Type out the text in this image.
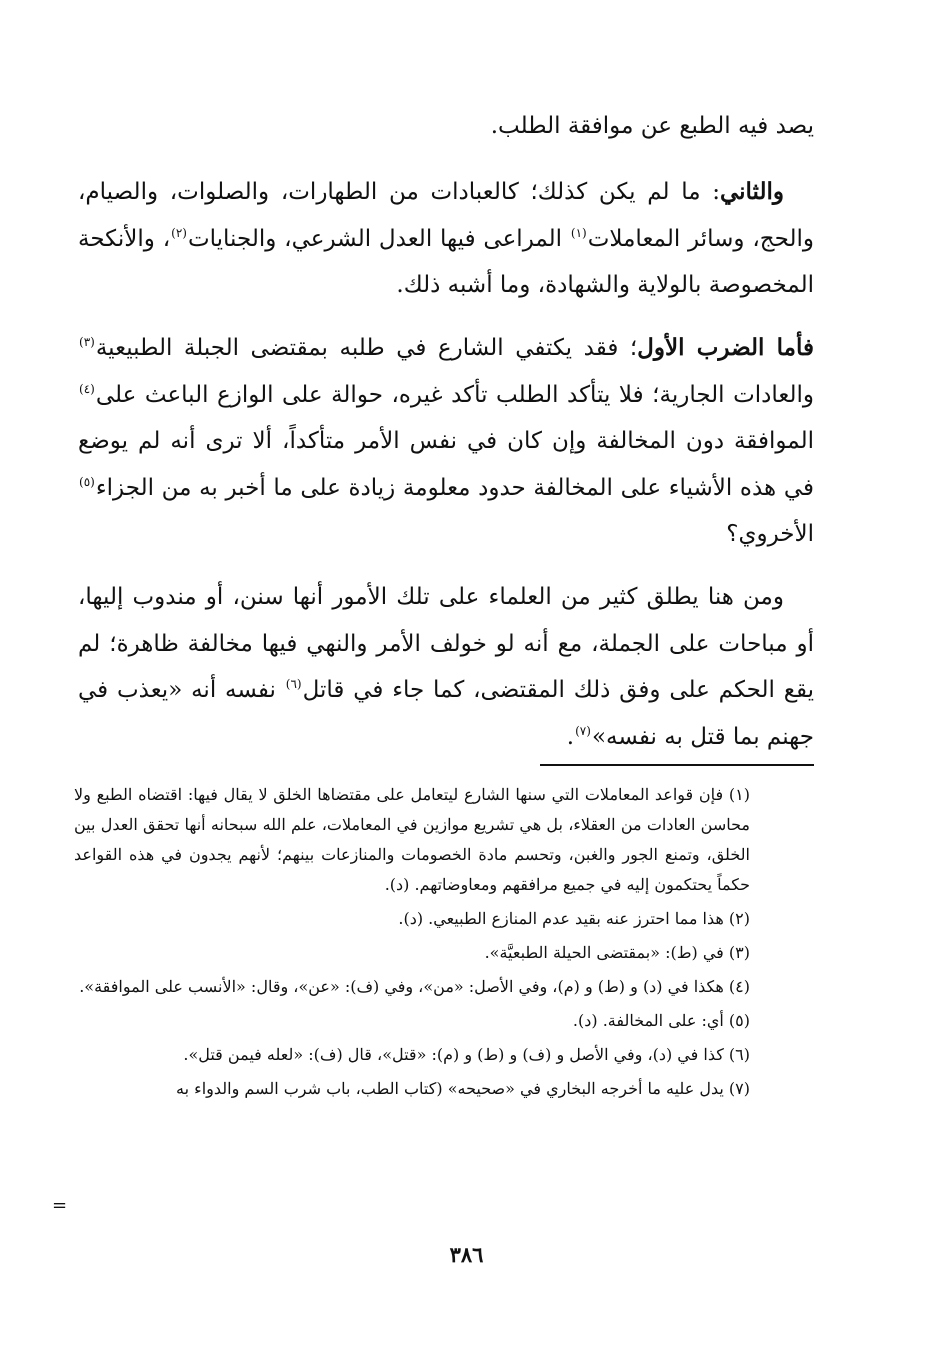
يصد فيه الطبع عن موافقة الطلب.

والثاني: ما لم يكن كذلك؛ كالعبادات من الطهارات، والصلوات، والصيام، والحج، وسائر المعاملات$^{(١)}$ المراعى فيها العدل الشرعي، والجنايات$^{(٢)}$، والأنكحة المخصوصة بالولاية والشهادة، وما أشبه ذلك.

فأما الضرب الأول؛ فقد يكتفي الشارع في طلبه بمقتضى الجبلة الطبيعية$^{(٣)}$ والعادات الجارية؛ فلا يتأكد الطلب تأكد غيره، حوالة على الوازع الباعث على$^{(٤)}$ الموافقة دون المخالفة وإن كان في نفس الأمر متأكداً، ألا ترى أنه لم يوضع في هذه الأشياء على المخالفة حدود معلومة زيادة على ما أخبر به من الجزاء$^{(٥)}$ الأخروي؟

ومن هنا يطلق كثير من العلماء على تلك الأمور أنها سنن، أو مندوب إليها، أو مباحات على الجملة، مع أنه لو خولف الأمر والنهي فيها مخالفة ظاهرة؛ لم يقع الحكم على وفق ذلك المقتضى، كما جاء في قاتل$^{(٦)}$ نفسه أنه «يعذب في جهنم بما قتل به نفسه»$^{(٧)}$.

(١) فإن قواعد المعاملات التي سنها الشارع ليتعامل على مقتضاها الخلق لا يقال فيها: اقتضاه الطبع ولا محاسن العادات من العقلاء، بل هي تشريع موازين في المعاملات، علم الله سبحانه أنها تحقق العدل بين الخلق، وتمنع الجور والغبن، وتحسم مادة الخصومات والمنازعات بينهم؛ لأنهم يجدون في هذه القواعد حكماً يحتكمون إليه في جميع مرافقهم ومعاوضاتهم. (د).

(٢) هذا مما احترز عنه بقيد عدم المنازع الطبيعي. (د).

(٣) في (ط): «بمقتضى الحيلة الطبعيَّة».

(٤) هكذا في (د) و (ط) و (م)، وفي الأصل: «من»، وفي (ف): «عن»، وقال: «الأنسب على الموافقة».

(٥) أي: على المخالفة. (د).

(٦) كذا في (د)، وفي الأصل و (ف) و (ط) و (م): «قتل»، قال (ف): «لعله فيمن قتل».

(٧) يدل عليه ما أخرجه البخاري في «صحيحه» (كتاب الطب، باب شرب السم والدواء به

=
٣٨٦
